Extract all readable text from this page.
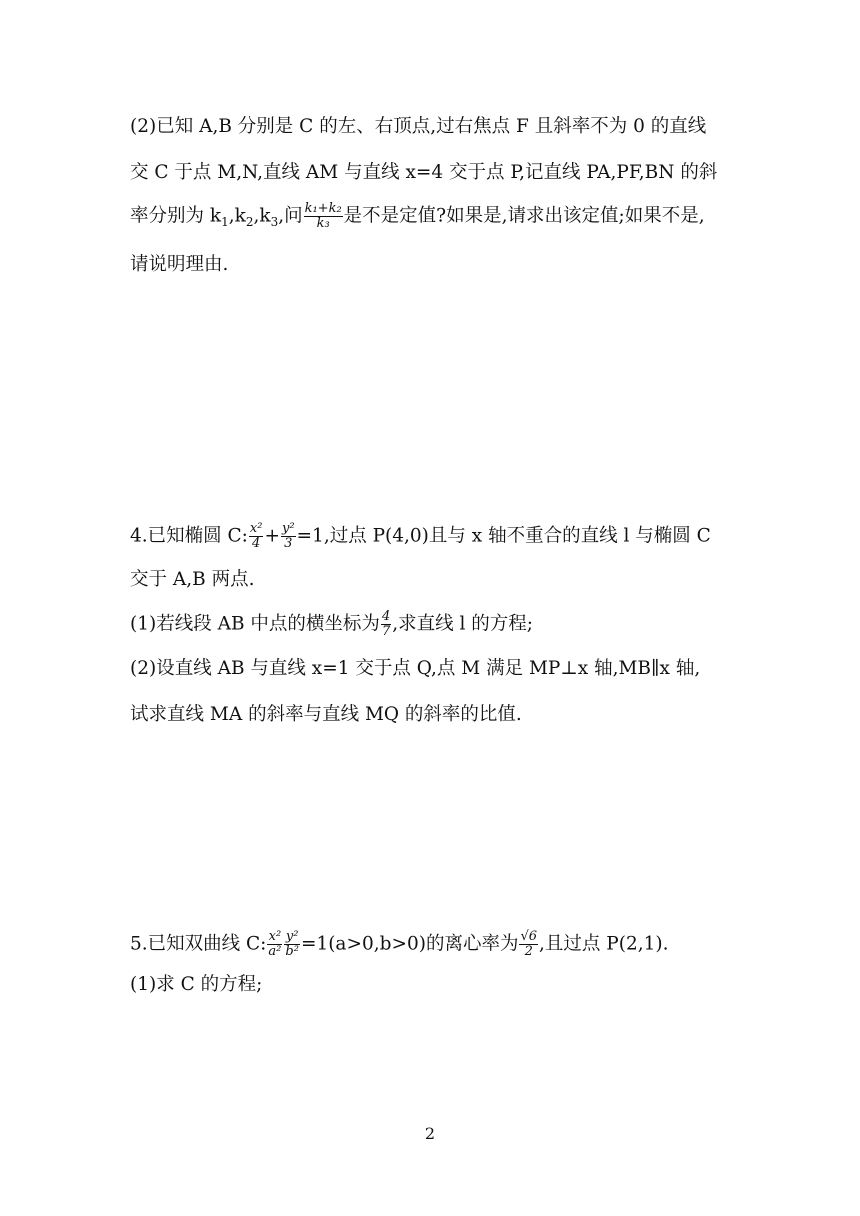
(2)已知 A,B 分别是 C 的左、右顶点,过右焦点 F 且斜率不为 0 的直线
交 C 于点 M,N,直线 AM 与直线 x=4 交于点 P,记直线 PA,PF,BN 的斜
率分别为 $k_1,k_2,k_3$,问 $\frac{\text{k₁+k₂}}{\text{k₃}}$ 是不是定值?如果是,请求出该定值;如果不是,
请说明理由.
4.已知椭圆 C: $\frac{\text{x²}}{4} + \frac{\text{y²}}{3} =1$,过点 P(4,0)且与 x 轴不重合的直线 l 与椭圆 C
交于 A,B 两点.
(1)若线段 AB 中点的横坐标为 $\frac{4}{7}$ ,求直线 l 的方程;
(2)设直线 AB 与直线 x=1 交于点 Q,点 M 满足 MP⊥x 轴,MB∥x 轴,
试求直线 MA 的斜率与直线 MQ 的斜率的比值.
5.已知双曲线 C: $\frac{\text{x²}}{\text{a²}} \frac{\text{y²}}{\text{b²}} =1(a>0,b>0)$的离心率为 $\frac{√6}{2}$ ,且过点 P(2,1).
(1)求 C 的方程;
2
